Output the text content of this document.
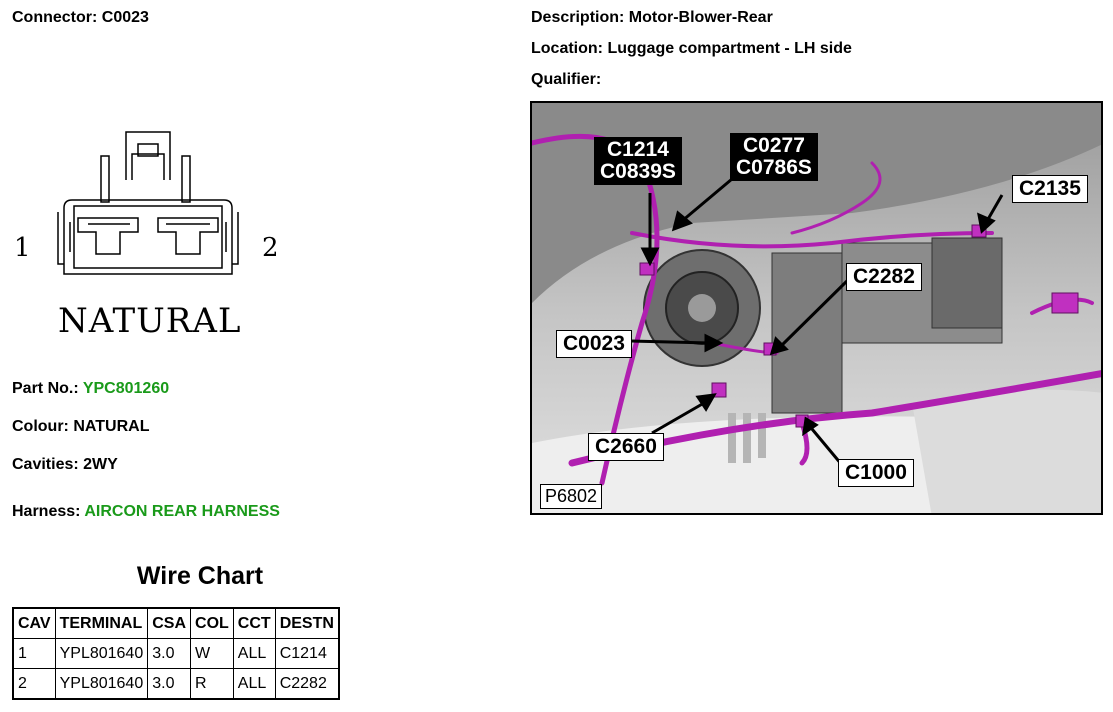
Connector: C0023	Description: Motor-Blower-Rear
Location: Luggage compartment - LH side
Qualifier:
1	2
NATURAL
Part No.: YPC801260
Colour: NATURAL
Cavities: 2WY
Harness: AIRCON REAR HARNESS
Wire Chart
CAV	TERMINAL	CSA	COL	CCT	DESTN
1	YPL801640	3.0	W	ALL	C1214
2	YPL801640	3.0	R	ALL	C2282
C1214
C0839S
C0277
C0786S
C2135
C2282
C0023
C2660
C1000
P6802
